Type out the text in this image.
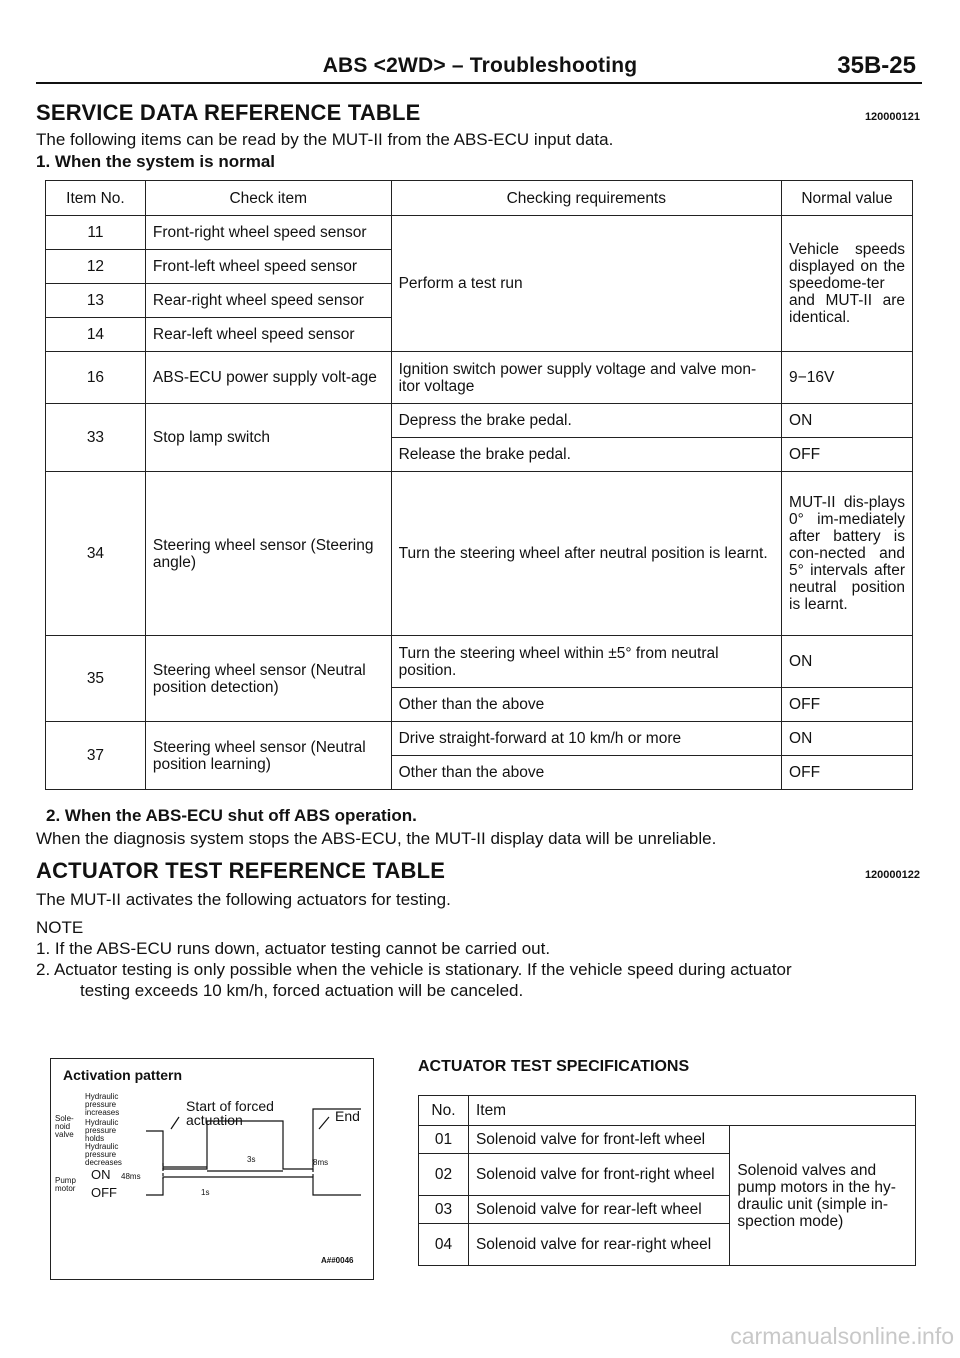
ABS <2WD> – Troubleshooting	35B-25
SERVICE DATA REFERENCE TABLE	120000121
The following items can be read by the MUT-II from the ABS-ECU input data.
1. When the system is normal
Item No.	Check item	Checking requirements	Normal value
11	Front-right wheel speed sensor	Perform a test run	Vehicle speeds displayed on the speedome-ter and MUT-II are identical.
12	Front-left wheel speed sensor		
13	Rear-right wheel speed sensor		
14	Rear-left wheel speed sensor		
16	ABS-ECU power supply volt-age	Ignition switch power supply voltage and valve mon-itor voltage	9−16V
33	Stop lamp switch	Depress the brake pedal.	ON
		Release the brake pedal.	OFF
34	Steering wheel sensor (Steering angle)	Turn the steering wheel after neutral position is learnt.	MUT-II dis-plays 0° im-mediately after battery is con-nected and 5° intervals after neutral position is learnt.
35	Steering wheel sensor (Neutral position detection)	Turn the steering wheel within ±5° from neutral position.	ON
		Other than the above	OFF
37	Steering wheel sensor (Neutral position learning)	Drive straight-forward at 10 km/h or more	ON
		Other than the above	OFF
2. When the ABS-ECU shut off ABS operation.
When the diagnosis system stops the ABS-ECU, the MUT-II display data will be unreliable.
ACTUATOR TEST REFERENCE TABLE	120000122
The MUT-II activates the following actuators for testing.
NOTE
1. If the ABS-ECU runs down, actuator testing cannot be carried out.
2. Actuator testing is only possible when the vehicle is stationary. If the vehicle speed during actuator
testing exceeds 10 km/h, forced actuation will be canceled.
Activation pattern
Hydraulic
pressure
increases
Sole-
noid
valve
Hydraulic
pressure
holds
Hydraulic
pressure
decreases
Start of forced
actuation	End
Pump
motor
ON
OFF
48ms
1s
3s	8ms
A##0046
ACTUATOR TEST SPECIFICATIONS
No.	Item	
01	Solenoid valve for front-left wheel	Solenoid valves and pump motors in the hy-draulic unit (simple in-spection mode)
02	Solenoid valve for front-right wheel	
03	Solenoid valve for rear-left wheel	
04	Solenoid valve for rear-right wheel	
carmanualsonline.info
